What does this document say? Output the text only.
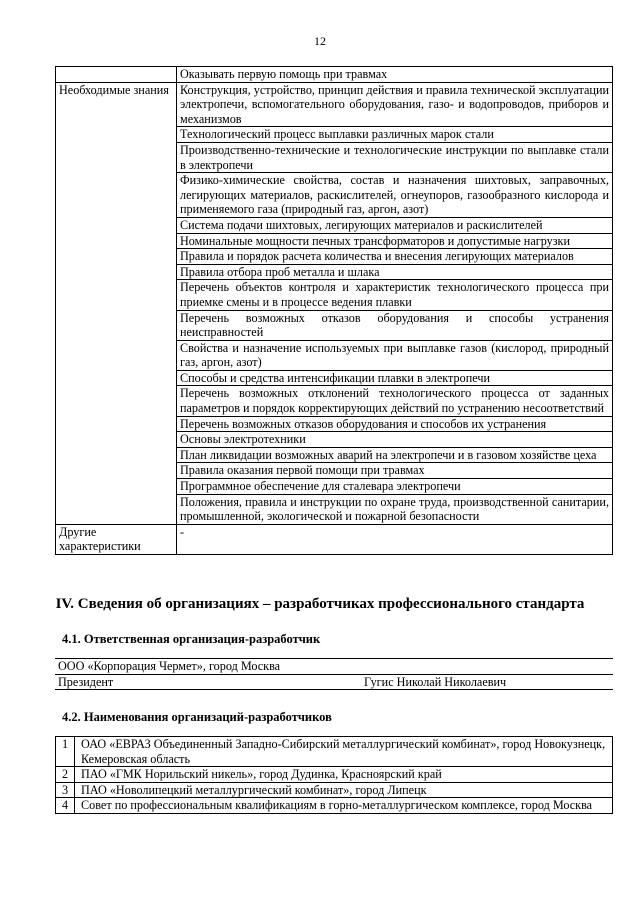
12
	Оказывать первую помощь при травмах
Необходимые знания	Конструкция, устройство, принцип действия и правила технической эксплуатации электропечи, вспомогательного оборудования, газо- и водопроводов, приборов и механизмов
	Технологический процесс выплавки различных марок стали
	Производственно-технические и технологические инструкции по выплавке стали в электропечи
	Физико-химические свойства, состав и назначения шихтовых, заправочных, легирующих материалов, раскислителей, огнеупоров, газообразного кислорода и применяемого газа (природный газ, аргон, азот)
	Система подачи шихтовых, легирующих материалов и раскислителей
	Номинальные мощности печных трансформаторов и допустимые нагрузки
	Правила и порядок расчета количества и внесения легирующих материалов
	Правила отбора проб металла и шлака
	Перечень объектов контроля и характеристик технологического процесса при приемке смены и в процессе ведения плавки
	Перечень возможных отказов оборудования и способы устранения неисправностей
	Свойства и назначение используемых при выплавке газов (кислород, природный газ, аргон, азот)
	Способы и средства интенсификации плавки в электропечи
	Перечень возможных отклонений технологического процесса от заданных параметров и порядок корректирующих действий по устранению несоответствий
	Перечень возможных отказов оборудования и способов их устранения
	Основы электротехники
	План ликвидации возможных аварий на электропечи и в газовом хозяйстве цеха
	Правила оказания первой помощи при травмах
	Программное обеспечение для сталевара электропечи
	Положения, правила и инструкции по охране труда, производственной санитарии, промышленной, экологической и пожарной безопасности
Другие характеристики	-
IV. Сведения об организациях – разработчиках профессионального стандарта
4.1. Ответственная организация-разработчик
ООО «Корпорация Чермет», город Москва
Президент	Гугис Николай Николаевич
4.2. Наименования организаций-разработчиков
1	ОАО «ЕВРАЗ Объединенный Западно-Сибирский металлургический комбинат», город Новокузнецк, Кемеровская область
2	ПАО «ГМК Норильский никель», город Дудинка, Красноярский край
3	ПАО «Новолипецкий металлургический комбинат», город Липецк
4	Совет по профессиональным квалификациям в горно-металлургическом комплексе, город Москва
